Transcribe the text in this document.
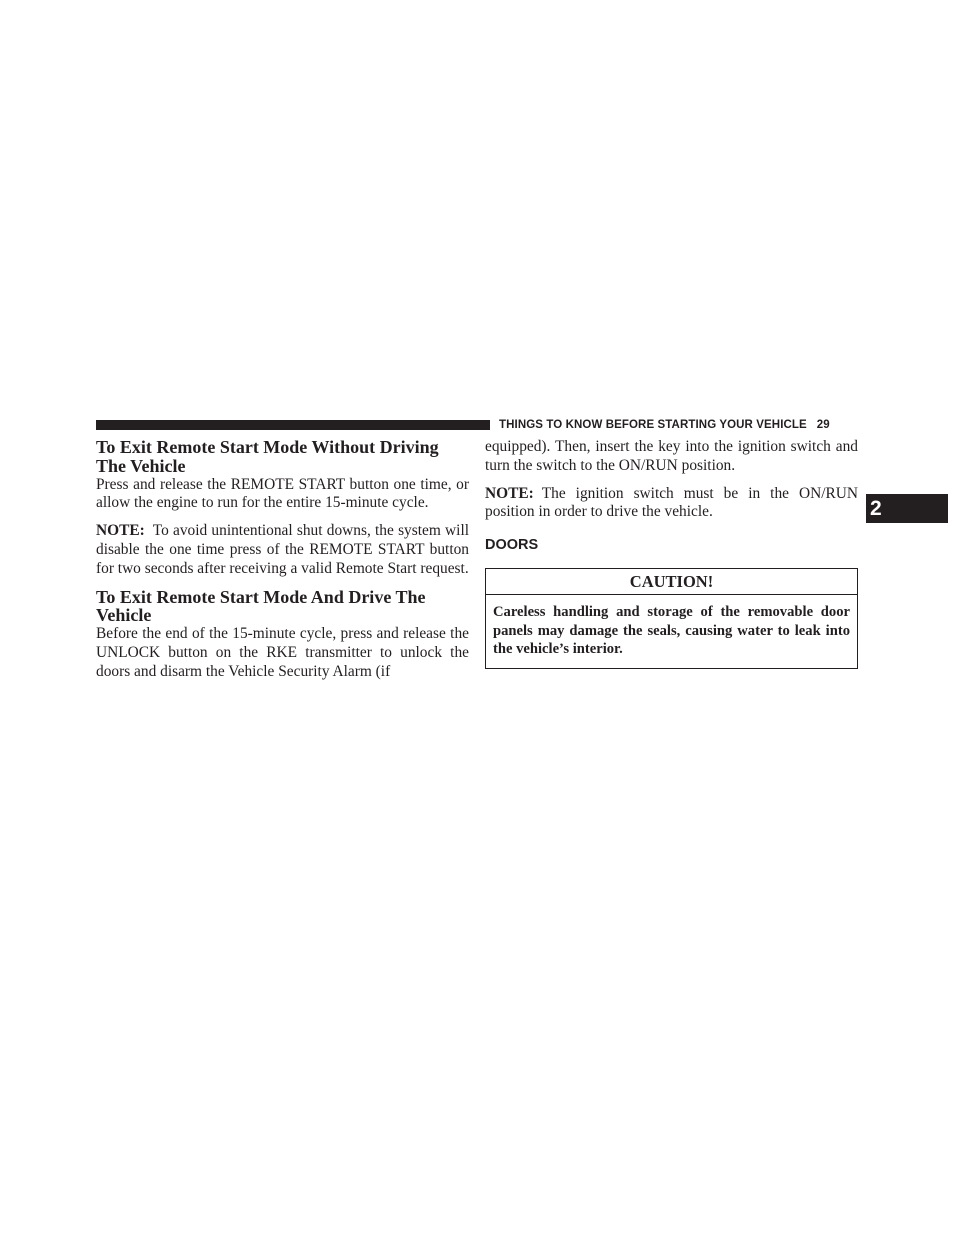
THINGS TO KNOW BEFORE STARTING YOUR VEHICLE 29
2
To Exit Remote Start Mode Without Driving The Vehicle

Press and release the REMOTE START button one time, or allow the engine to run for the entire 15-minute cycle.

NOTE: To avoid unintentional shut downs, the system will disable the one time press of the REMOTE START button for two seconds after receiving a valid Remote Start request.

To Exit Remote Start Mode And Drive The Vehicle

Before the end of the 15-minute cycle, press and release the UNLOCK button on the RKE transmitter to unlock the doors and disarm the Vehicle Security Alarm (if

equipped). Then, insert the key into the ignition switch and turn the switch to the ON/RUN position.

NOTE: The ignition switch must be in the ON/RUN position in order to drive the vehicle.

DOORS
CAUTION!
Careless handling and storage of the removable door panels may damage the seals, causing water to leak into the vehicle’s interior.
